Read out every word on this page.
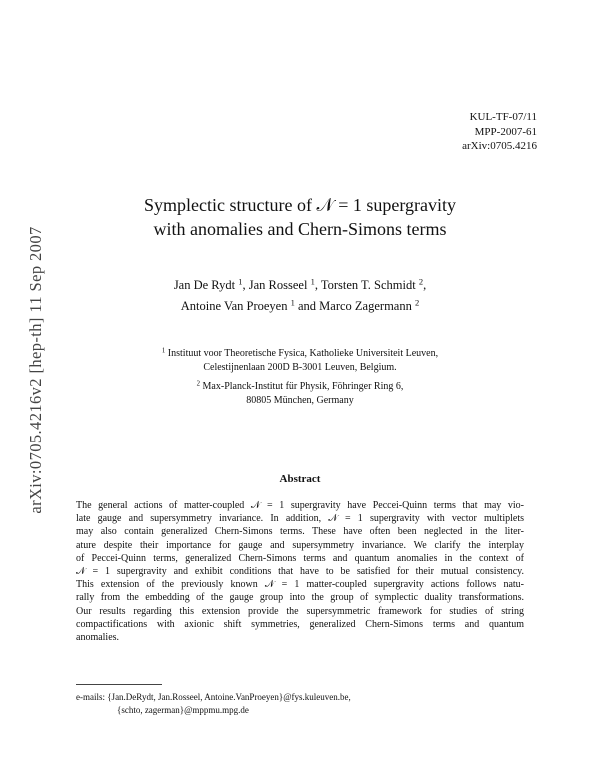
KUL-TF-07/11
MPP-2007-61
arXiv:0705.4216
arXiv:0705.4216v2 [hep-th] 11 Sep 2007
Symplectic structure of 𝒩 = 1 supergravity
with anomalies and Chern-Simons terms
Jan De Rydt $^1$, Jan Rosseel $^1$, Torsten T. Schmidt $^2$,
Antoine Van Proeyen $^1$ and Marco Zagermann $^2$
$^1$ Instituut voor Theoretische Fysica, Katholieke Universiteit Leuven,
Celestijnenlaan 200D B-3001 Leuven, Belgium.
$^2$ Max-Planck-Institut für Physik, Föhringer Ring 6,
80805 München, Germany
Abstract
The general actions of matter-coupled 𝒩 = 1 supergravity have Peccei-Quinn terms that may vio-
late gauge and supersymmetry invariance. In addition, 𝒩 = 1 supergravity with vector multiplets
may also contain generalized Chern-Simons terms. These have often been neglected in the liter-
ature despite their importance for gauge and supersymmetry invariance. We clarify the interplay
of Peccei-Quinn terms, generalized Chern-Simons terms and quantum anomalies in the context of
𝒩 = 1 supergravity and exhibit conditions that have to be satisfied for their mutual consistency.
This extension of the previously known 𝒩 = 1 matter-coupled supergravity actions follows natu-
rally from the embedding of the gauge group into the group of symplectic duality transformations.
Our results regarding this extension provide the supersymmetric framework for studies of string
compactifications with axionic shift symmetries, generalized Chern-Simons terms and quantum
anomalies.
e-mails: {Jan.DeRydt, Jan.Rosseel, Antoine.VanProeyen}@fys.kuleuven.be,
{schto, zagerman}@mppmu.mpg.de
